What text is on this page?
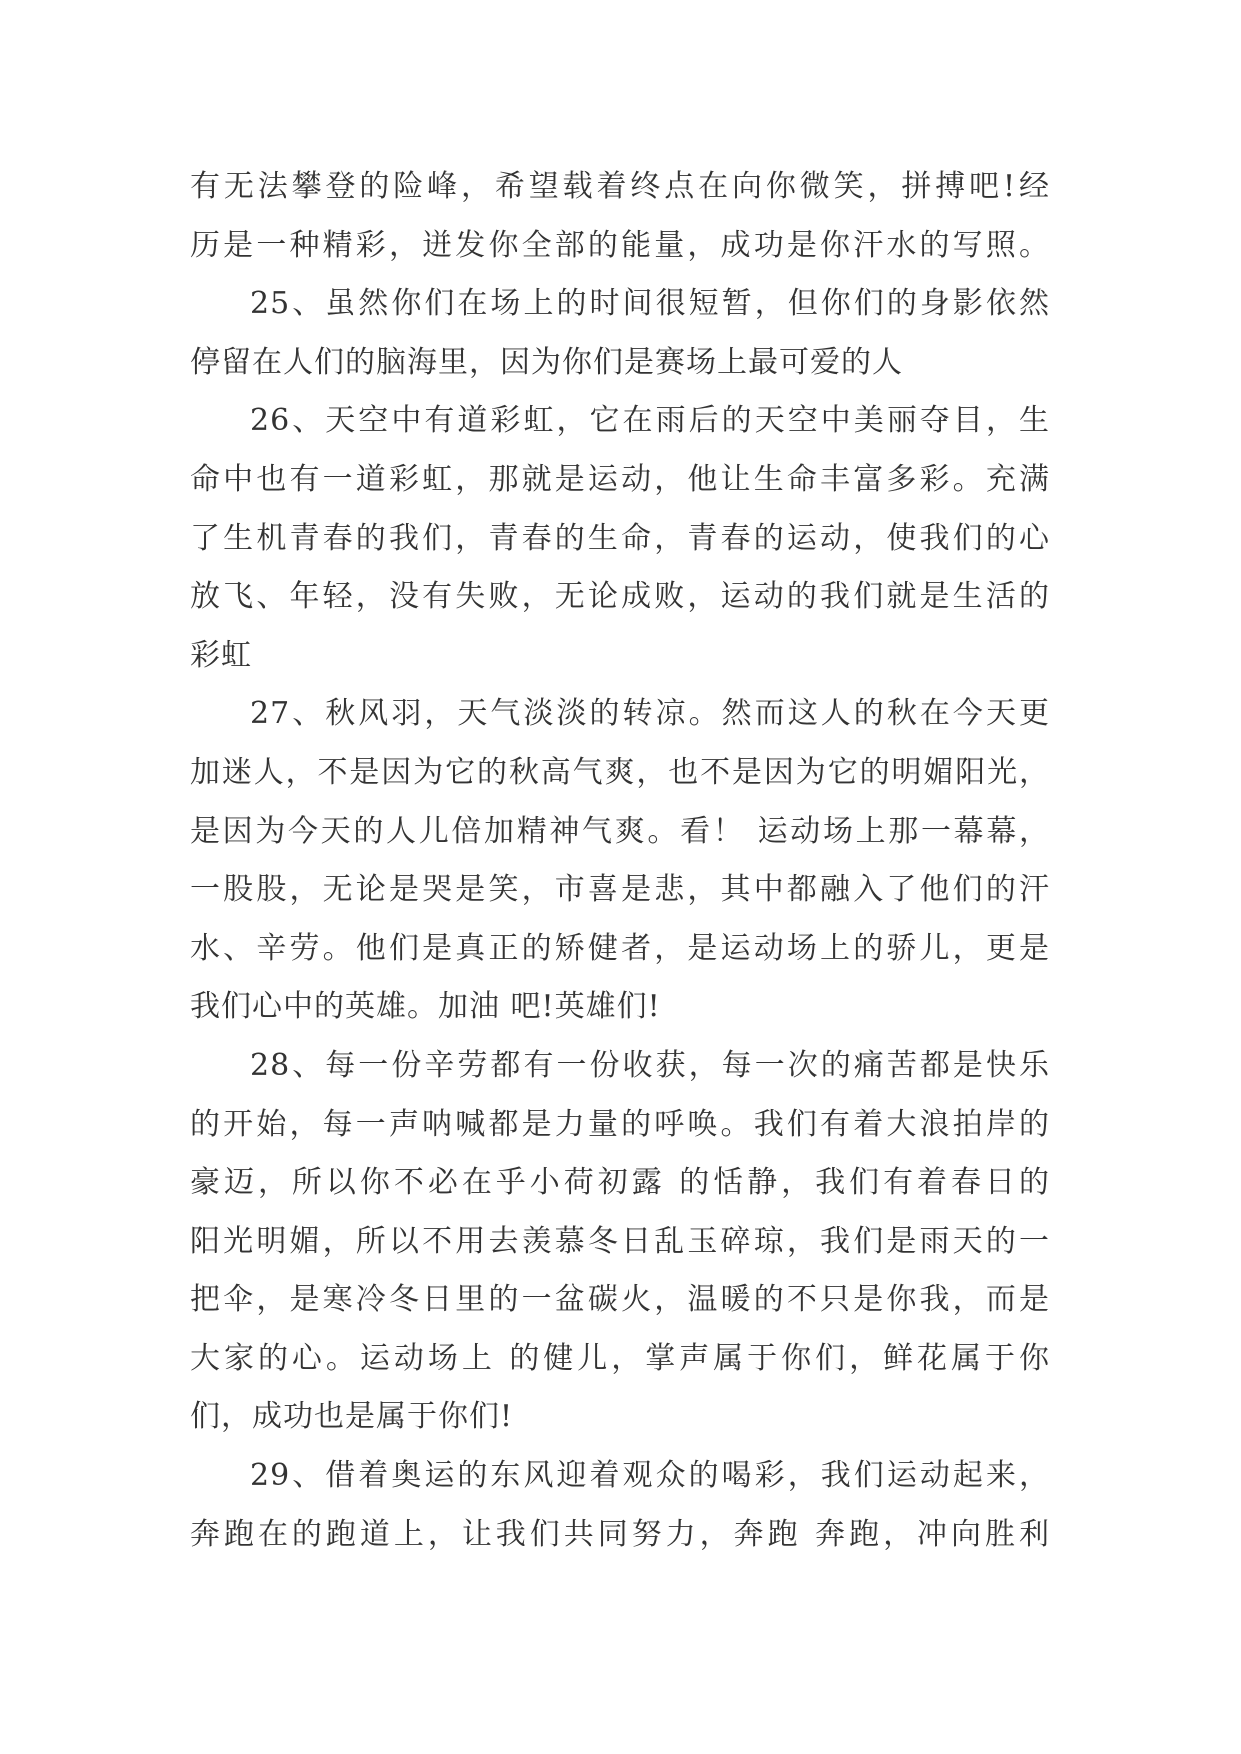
有无法攀登的险峰，希望载着终点在向你微笑，拼搏吧!经
历是一种精彩，迸发你全部的能量，成功是你汗水的写照。
25、虽然你们在场上的时间很短暂，但你们的身影依然
停留在人们的脑海里，因为你们是赛场上最可爱的人
26、天空中有道彩虹，它在雨后的天空中美丽夺目，生
命中也有一道彩虹，那就是运动，他让生命丰富多彩。充满
了生机青春的我们，青春的生命，青春的运动，使我们的心
放飞、年轻，没有失败，无论成败，运动的我们就是生活的
彩虹
27、秋风羽，天气淡淡的转凉。然而这人的秋在今天更
加迷人，不是因为它的秋高气爽，也不是因为它的明媚阳光，
是因为今天的人儿倍加精神气爽。看！ 运动场上那一幕幕，
一股股，无论是哭是笑，市喜是悲，其中都融入了他们的汗
水、辛劳。他们是真正的矫健者，是运动场上的骄儿，更是
我们心中的英雄。加油 吧!英雄们!
28、每一份辛劳都有一份收获，每一次的痛苦都是快乐
的开始，每一声呐喊都是力量的呼唤。我们有着大浪拍岸的
豪迈，所以你不必在乎小荷初露 的恬静，我们有着春日的
阳光明媚，所以不用去羡慕冬日乱玉碎琼，我们是雨天的一
把伞，是寒冷冬日里的一盆碳火，温暖的不只是你我，而是
大家的心。运动场上 的健儿，掌声属于你们，鲜花属于你
们，成功也是属于你们!
29、借着奥运的东风迎着观众的喝彩，我们运动起来，
奔跑在的跑道上，让我们共同努力，奔跑 奔跑，冲向胜利
